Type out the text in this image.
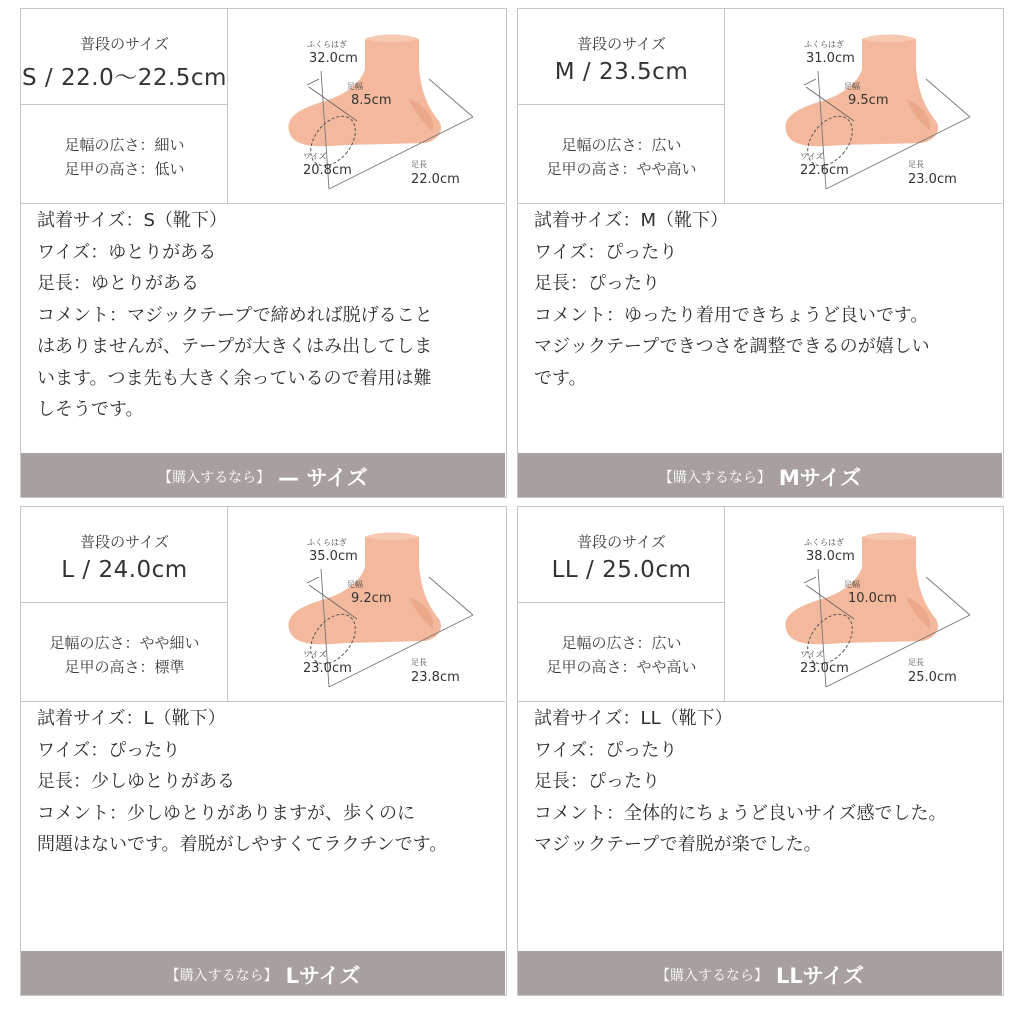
普段のサイズ
S / 22.0〜22.5cm
足幅の広さ：細い
足甲の高さ：低い
ふくらはぎ
32.0cm
足幅
8.5cm
ワイズ
20.8cm	足長
22.0cm
試着サイズ：S（靴下）
ワイズ：ゆとりがある
足長：ゆとりがある
コメント：マジックテープで締めれば脱げること
はありませんが、テープが大きくはみ出してしま
います。つま先も大きく余っているので着用は難
しそうです。
【購入するなら】 — サイズ
普段のサイズ
M / 23.5cm
足幅の広さ：広い
足甲の高さ：やや高い
ふくらはぎ
31.0cm
足幅
9.5cm
ワイズ
22.6cm	足長
23.0cm
試着サイズ：M（靴下）
ワイズ：ぴったり
足長：ぴったり
コメント：ゆったり着用できちょうど良いです。
マジックテープできつさを調整できるのが嬉しい
です。
【購入するなら】 Mサイズ
普段のサイズ
L / 24.0cm
足幅の広さ：やや細い
足甲の高さ：標準
ふくらはぎ
35.0cm
足幅
9.2cm
ワイズ
23.0cm	足長
23.8cm
試着サイズ：L（靴下）
ワイズ：ぴったり
足長：少しゆとりがある
コメント：少しゆとりがありますが、歩くのに
問題はないです。着脱がしやすくてラクチンです。
【購入するなら】 Lサイズ
普段のサイズ
LL / 25.0cm
足幅の広さ：広い
足甲の高さ：やや高い
ふくらはぎ
38.0cm
足幅
10.0cm
ワイズ
23.0cm	足長
25.0cm
試着サイズ：LL（靴下）
ワイズ：ぴったり
足長：ぴったり
コメント：全体的にちょうど良いサイズ感でした。
マジックテープで着脱が楽でした。
【購入するなら】 LLサイズ
